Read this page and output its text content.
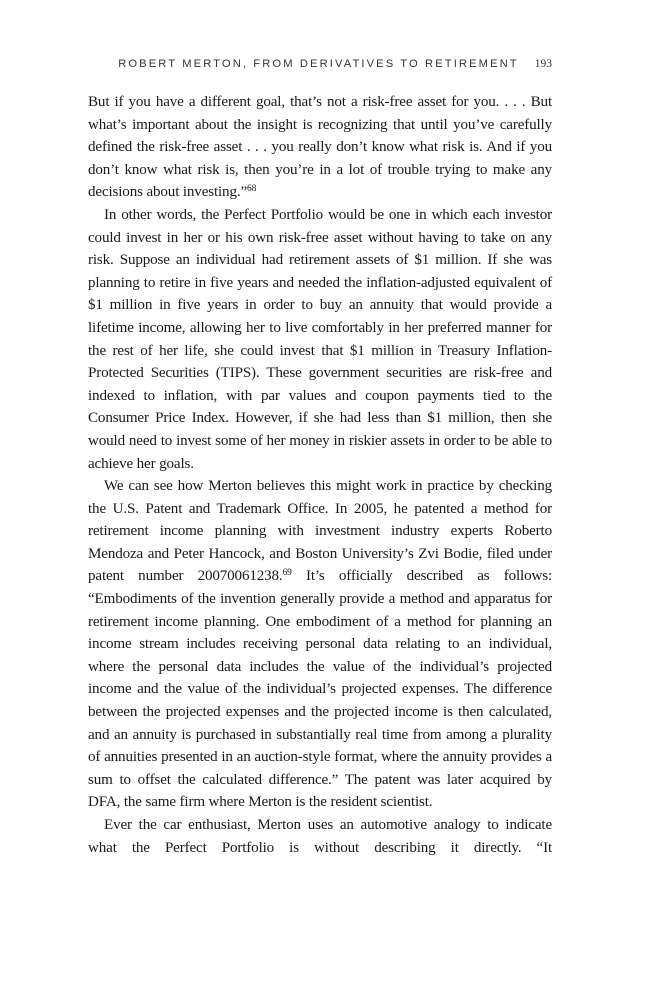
ROBERT MERTON, FROM DERIVATIVES TO RETIREMENT 193

But if you have a different goal, that’s not a risk-free asset for you. . . . But what’s important about the insight is recognizing that until you’ve carefully defined the risk-free asset . . . you really don’t know what risk is. And if you don’t know what risk is, then you’re in a lot of trouble trying to make any decisions about investing.”$^{68}$

In other words, the Perfect Portfolio would be one in which each investor could invest in her or his own risk-free asset without having to take on any risk. Suppose an individual had retirement assets of $1 million. If she was planning to retire in five years and needed the inflation-adjusted equivalent of $1 million in five years in order to buy an annuity that would provide a lifetime income, allowing her to live comfortably in her preferred manner for the rest of her life, she could invest that $1 million in Treasury Inflation-Protected Securities (TIPS). These government securities are risk-free and indexed to inflation, with par values and coupon payments tied to the Consumer Price Index. However, if she had less than $1 million, then she would need to invest some of her money in riskier assets in order to be able to achieve her goals.

We can see how Merton believes this might work in practice by checking the U.S. Patent and Trademark Office. In 2005, he patented a method for retirement income planning with investment industry experts Roberto Mendoza and Peter Hancock, and Boston University’s Zvi Bodie, filed under patent number 20070061238.69 It’s officially described as follows: “Embodiments of the invention generally provide a method and apparatus for retirement income planning. One embodiment of a method for planning an income stream includes receiving personal data relating to an individual, where the personal data includes the value of the individual’s projected income and the value of the individual’s projected expenses. The difference between the projected expenses and the projected income is then calculated, and an annuity is purchased in substantially real time from among a plurality of annuities presented in an auction-style format, where the annuity provides a sum to offset the calculated difference.” The patent was later acquired by DFA, the same firm where Merton is the resident scientist.

Ever the car enthusiast, Merton uses an automotive analogy to indicate what the Perfect Portfolio is without describing it directly. “It
